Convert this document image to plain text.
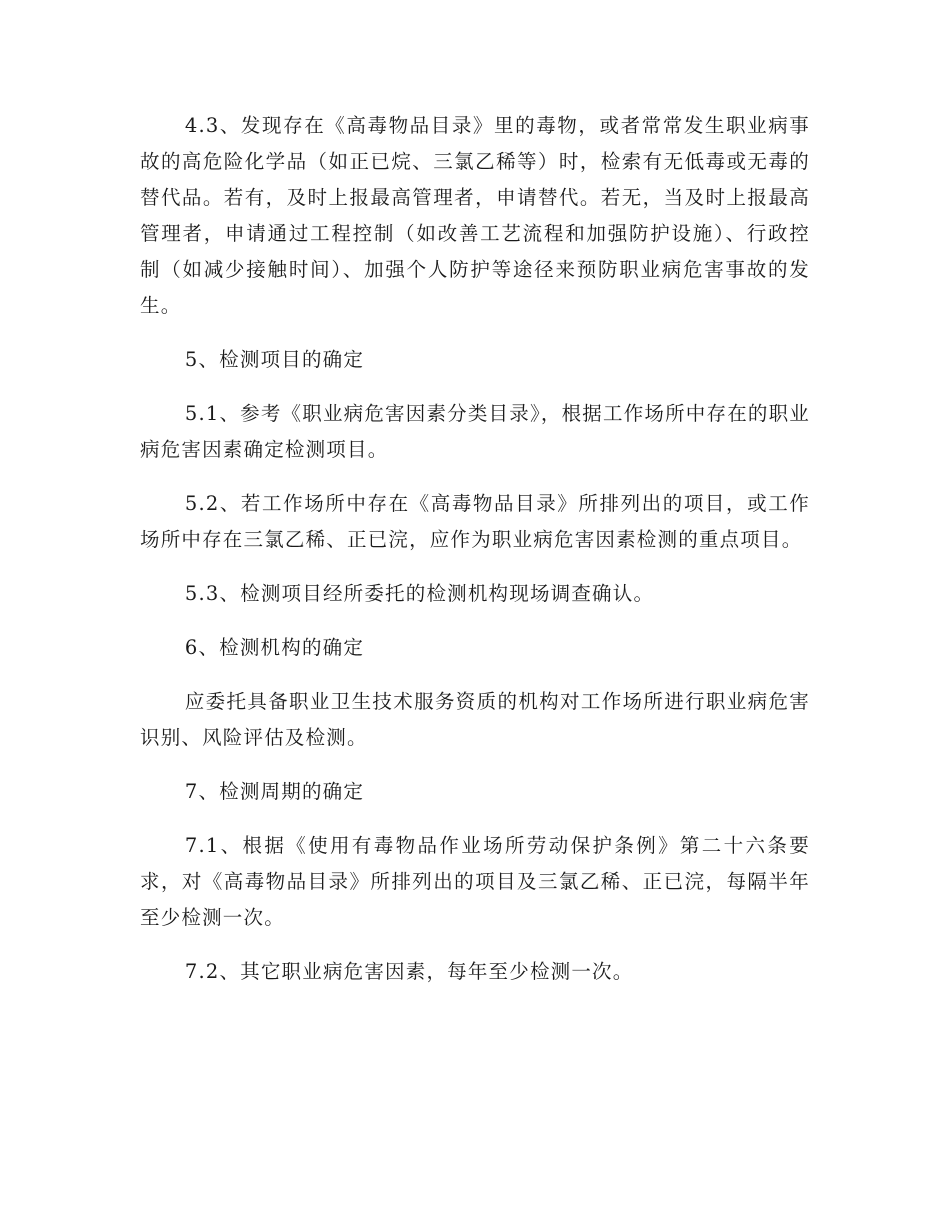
4.3、发现存在《高毒物品目录》里的毒物，或者常常发生职业病事故的高危险化学品（如正已烷、三氯乙稀等）时，检索有无低毒或无毒的替代品。若有，及时上报最高管理者，申请替代。若无，当及时上报最高管理者，申请通过工程控制（如改善工艺流程和加强防护设施）、行政控制（如减少接触时间）、加强个人防护等途径来预防职业病危害事故的发生。

5、检测项目的确定

5.1、参考《职业病危害因素分类目录》，根据工作场所中存在的职业病危害因素确定检测项目。

5.2、若工作场所中存在《高毒物品目录》所排列出的项目，或工作场所中存在三氯乙稀、正已浣，应作为职业病危害因素检测的重点项目。

5.3、检测项目经所委托的检测机构现场调查确认。

6、检测机构的确定

应委托具备职业卫生技术服务资质的机构对工作场所进行职业病危害识别、风险评估及检测。

7、检测周期的确定

7.1、根据《使用有毒物品作业场所劳动保护条例》第二十六条要求，对《高毒物品目录》所排列出的项目及三氯乙稀、正已浣，每隔半年至少检测一次。

7.2、其它职业病危害因素，每年至少检测一次。
